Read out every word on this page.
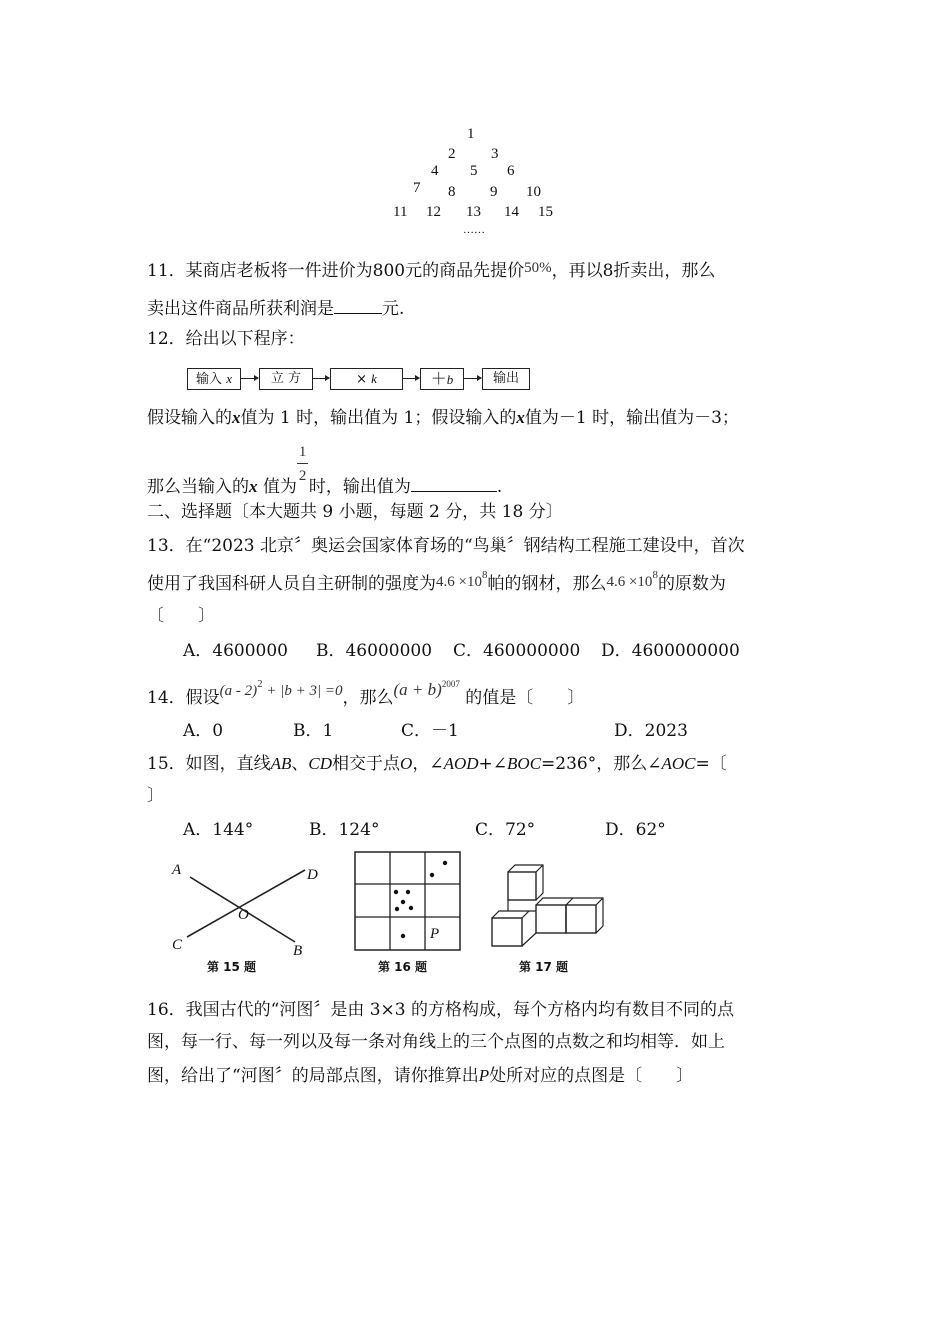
1
2 3
4 5 6
7 8 9 10
11 12 13 14 15
……
11．某商店老板将一件进价为800元的商品先提价50%，再以8折卖出，那么
卖出这件商品所获利润是	元.
12．给出以下程序：
输入 x	立 方	× k	＋b	输出
假设输入的x值为 1 时，输出值为 1；假设输入的x值为－1 时，输出值为－3；
那么当输入的x 值为 $\frac{1}{2}$ 时，输出值为	.
二、选择题〔本大题共 9 小题，每题 2 分，共 18 分〕
13．在“2023 北京〞奥运会国家体育场的“鸟巢〞钢结构工程施工建设中，首次
使用了我国科研人员自主研制的强度为$4.6 \times 10^8$帕的钢材，那么$4.6 \times 10^8$的原数为
〔　　〕
A．4600000 B．46000000 C．460000000 D．4600000000
14．假设(a - 2)$^2$ + |b + 3| =0，那么$(a + b)^{2007}$ 的值是〔　　〕
A．0	B．1	C．－1	D．2023
15．如图，直线AB、CD相交于点O，∠AOD+∠BOC=236°，那么∠AOC=〔
〕
A．144°	B．124°	C．72°	D．62°
A	D
O
C	B
第 15 题
P
第 16 题	第 17 题
16．我国古代的“河图〞是由 3×3 的方格构成，每个方格内均有数目不同的点
图，每一行、每一列以及每一条对角线上的三个点图的点数之和均相等．如上
图，给出了“河图〞的局部点图，请你推算出P处所对应的点图是〔　　〕
